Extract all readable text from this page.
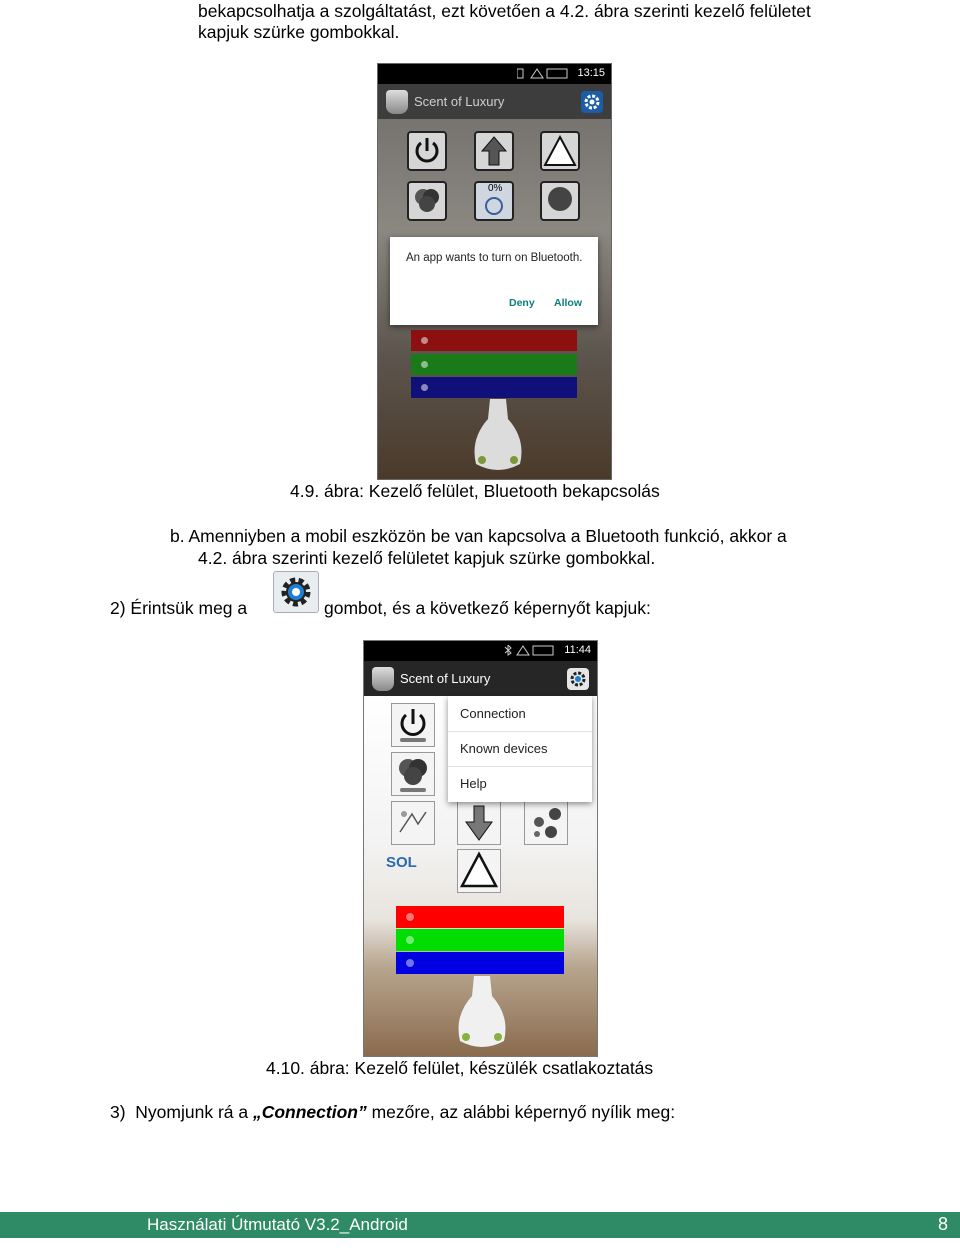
bekapcsolhatja a szolgáltatást, ezt követően a 4.2. ábra szerinti kezelő felületet
kapjuk szürke gombokkal.
13:15
Scent of Luxury
0%
An app wants to turn on Bluetooth.
Deny Allow
4.9. ábra: Kezelő felület, Bluetooth bekapcsolás
b. Amenniyben a mobil eszközön be van kapcsolva a Bluetooth funkció, akkor a
4.2. ábra szerinti kezelő felületet kapjuk szürke gombokkal.
2) Érintsük meg a	gombot, és a következő képernyőt kapjuk:
11:44
Scent of Luxury
SOL
Connection
Known devices
Help
4.10. ábra: Kezelő felület, készülék csatlakoztatás
3)  Nyomjunk rá a „Connection” mezőre, az alábbi képernyő nyílik meg:
Használati Útmutató V3.2_Android	8
